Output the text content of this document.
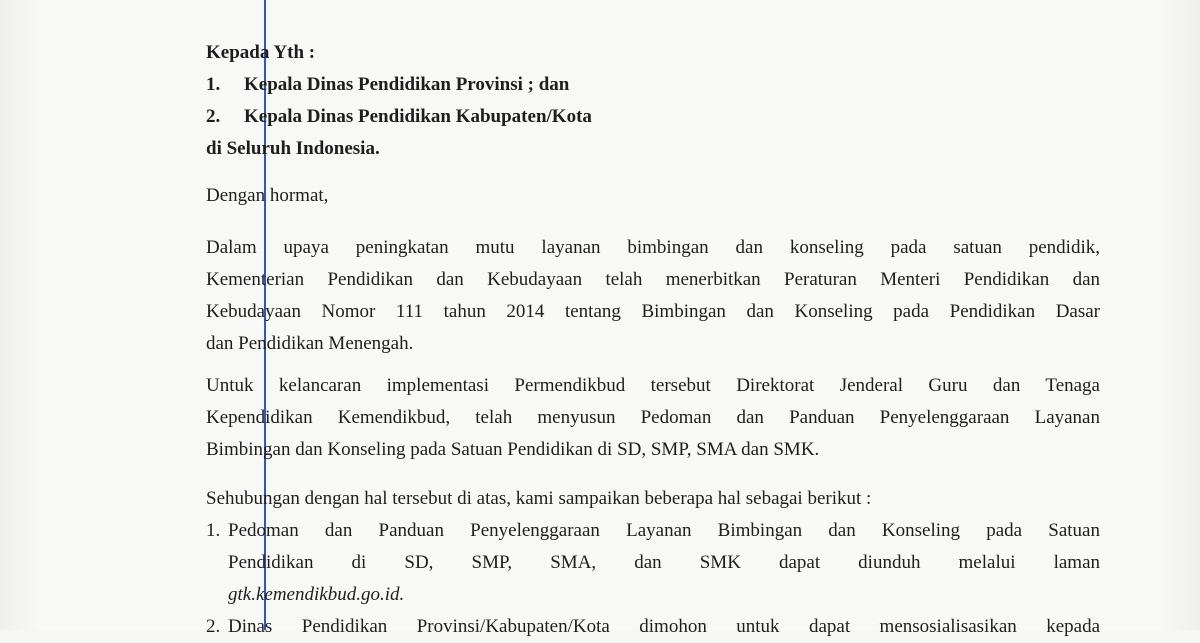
Kepada Yth :
1. Kepala Dinas Pendidikan Provinsi ; dan
2. Kepala Dinas Pendidikan Kabupaten/Kota
di Seluruh Indonesia.
Dengan hormat,
Dalam upaya peningkatan mutu layanan bimbingan dan konseling pada satuan pendidik,
Kementerian Pendidikan dan Kebudayaan telah menerbitkan Peraturan Menteri Pendidikan dan
Kebudayaan Nomor 111 tahun 2014 tentang Bimbingan dan Konseling pada Pendidikan Dasar
dan Pendidikan Menengah.
Untuk kelancaran implementasi Permendikbud tersebut Direktorat Jenderal Guru dan Tenaga
Kependidikan Kemendikbud, telah menyusun Pedoman dan Panduan Penyelenggaraan Layanan
Bimbingan dan Konseling pada Satuan Pendidikan di SD, SMP, SMA dan SMK.
Sehubungan dengan hal tersebut di atas, kami sampaikan beberapa hal sebagai berikut :
1. Pedoman dan Panduan Penyelenggaraan Layanan Bimbingan dan Konseling pada Satuan
Pendidikan di SD, SMP, SMA, dan SMK dapat diunduh melalui laman
gtk.kemendikbud.go.id.
2. Dinas Pendidikan Provinsi/Kabupaten/Kota dimohon untuk dapat mensosialisasikan kepada
